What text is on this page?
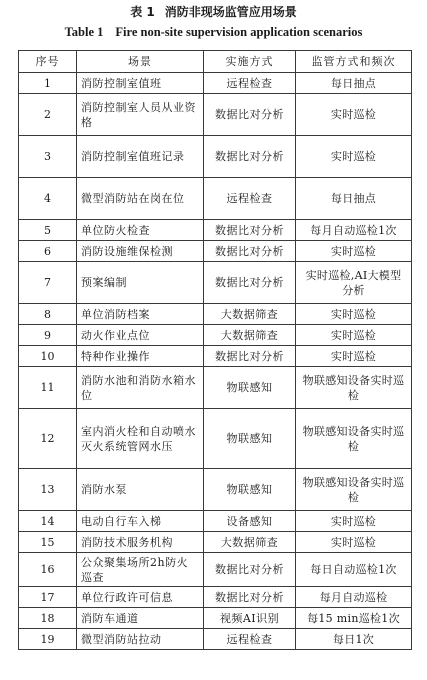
表 1 消防非现场监管应用场景
Table 1 Fire non-site supervision application scenarios
序号	场景	实施方式	监管方式和频次
1	消防控制室值班	远程检查	每日抽点
2	消防控制室人员从业资格	数据比对分析	实时巡检
3	消防控制室值班记录	数据比对分析	实时巡检
4	微型消防站在岗在位	远程检查	每日抽点
5	单位防火检查	数据比对分析	每月自动巡检1次
6	消防设施维保检测	数据比对分析	实时巡检
7	预案编制	数据比对分析	实时巡检,AI大模型分析
8	单位消防档案	大数据筛查	实时巡检
9	动火作业点位	大数据筛查	实时巡检
10	特种作业操作	数据比对分析	实时巡检
11	消防水池和消防水箱水位	物联感知	物联感知设备实时巡检
12	室内消火栓和自动喷水灭火系统管网水压	物联感知	物联感知设备实时巡检
13	消防水泵	物联感知	物联感知设备实时巡检
14	电动自行车入梯	设备感知	实时巡检
15	消防技术服务机构	大数据筛查	实时巡检
16	公众聚集场所2h防火巡查	数据比对分析	每日自动巡检1次
17	单位行政许可信息	数据比对分析	每月自动巡检
18	消防车通道	视频AI识别	每15 min巡检1次
19	微型消防站拉动	远程检查	每日1次
